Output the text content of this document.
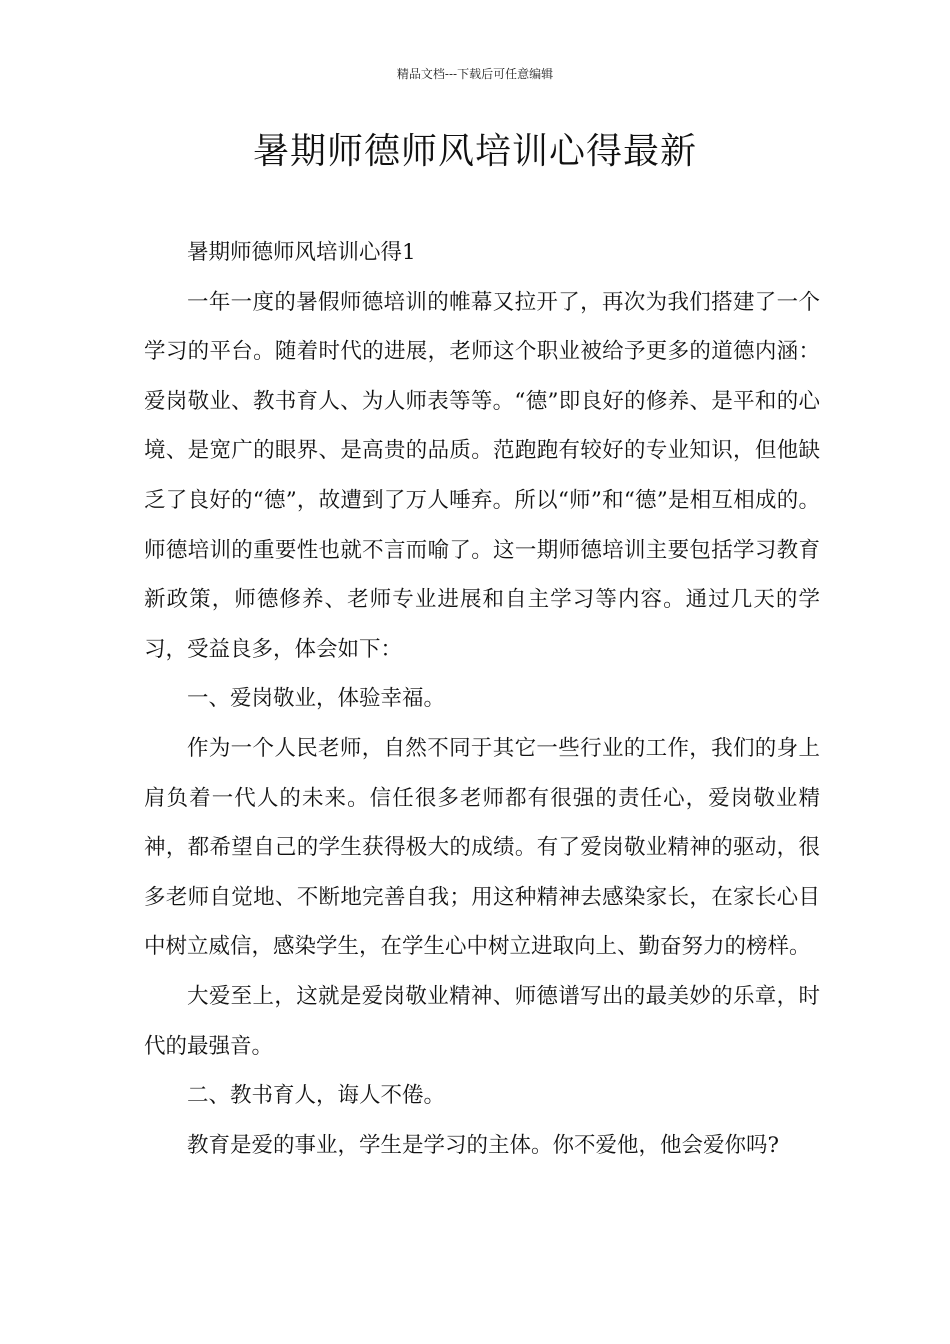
精品文档---下载后可任意编辑
暑期师德师风培训心得最新

暑期师德师风培训心得1

一年一度的暑假师德培训的帷幕又拉开了，再次为我们搭建了一个学习的平台。随着时代的进展，老师这个职业被给予更多的道德内涵：爱岗敬业、教书育人、为人师表等等。“德”即良好的修养、是平和的心境、是宽广的眼界、是高贵的品质。范跑跑有较好的专业知识，但他缺乏了良好的“德”，故遭到了万人唾弃。所以“师”和“德”是相互相成的。师德培训的重要性也就不言而喻了。这一期师德培训主要包括学习教育新政策，师德修养、老师专业进展和自主学习等内容。通过几天的学习，受益良多，体会如下：

一、爱岗敬业，体验幸福。

作为一个人民老师，自然不同于其它一些行业的工作，我们的身上肩负着一代人的未来。信任很多老师都有很强的责任心，爱岗敬业精神，都希望自己的学生获得极大的成绩。有了爱岗敬业精神的驱动，很多老师自觉地、不断地完善自我；用这种精神去感染家长，在家长心目中树立威信，感染学生，在学生心中树立进取向上、勤奋努力的榜样。

大爱至上，这就是爱岗敬业精神、师德谱写出的最美妙的乐章，时代的最强音。

二、教书育人，诲人不倦。

教育是爱的事业，学生是学习的主体。你不爱他，他会爱你吗?
